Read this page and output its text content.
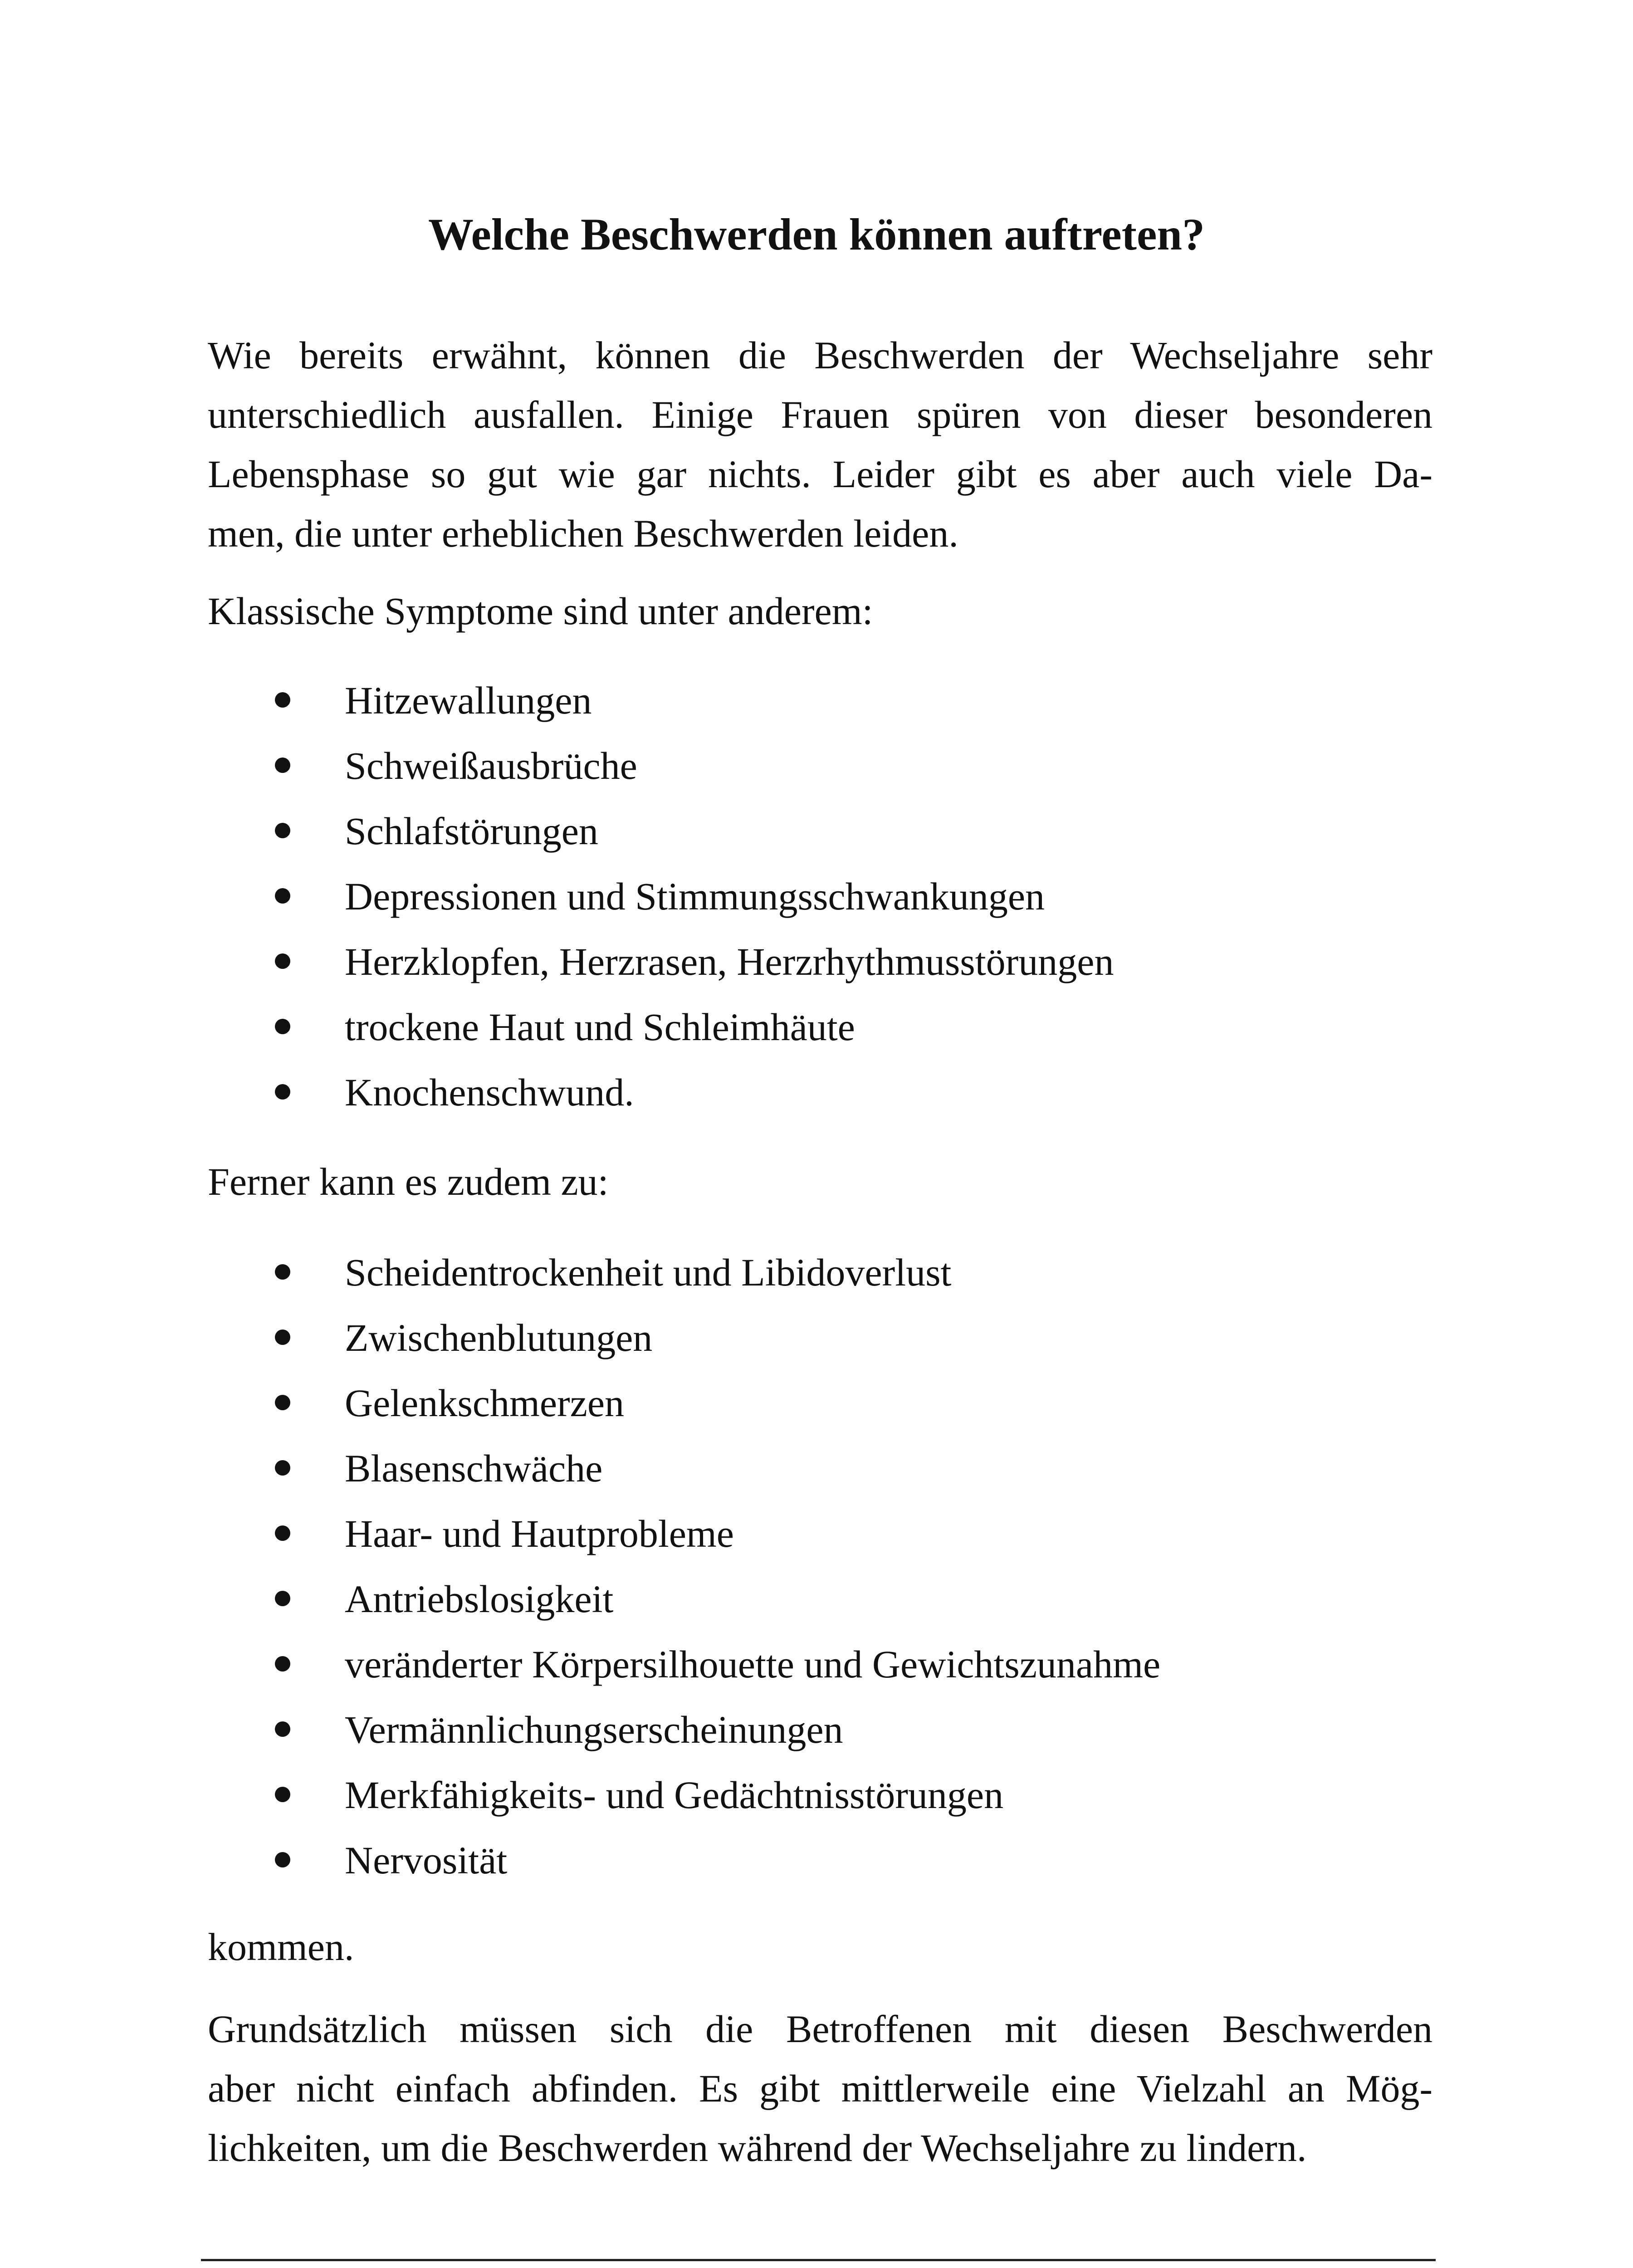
Welche Beschwerden können auftreten?

Wie bereits erwähnt, können die Beschwerden der Wechseljahre sehr
unterschiedlich ausfallen. Einige Frauen spüren von dieser besonderen
Lebensphase so gut wie gar nichts. Leider gibt es aber auch viele Da-
men, die unter erheblichen Beschwerden leiden.

Klassische Symptome sind unter anderem:

Hitzewallungen
Schweißausbrüche
Schlafstörungen
Depressionen und Stimmungsschwankungen
Herzklopfen, Herzrasen, Herzrhythmusstörungen
trockene Haut und Schleimhäute
Knochenschwund.

Ferner kann es zudem zu:

Scheidentrockenheit und Libidoverlust
Zwischenblutungen
Gelenkschmerzen
Blasenschwäche
Haar- und Hautprobleme
Antriebslosigkeit
veränderter Körpersilhouette und Gewichtszunahme
Vermännlichungserscheinungen
Merkfähigkeits- und Gedächtnisstörungen
Nervosität

kommen.

Grundsätzlich müssen sich die Betroffenen mit diesen Beschwerden
aber nicht einfach abfinden. Es gibt mittlerweile eine Vielzahl an Mög-
lichkeiten, um die Beschwerden während der Wechseljahre zu lindern.
